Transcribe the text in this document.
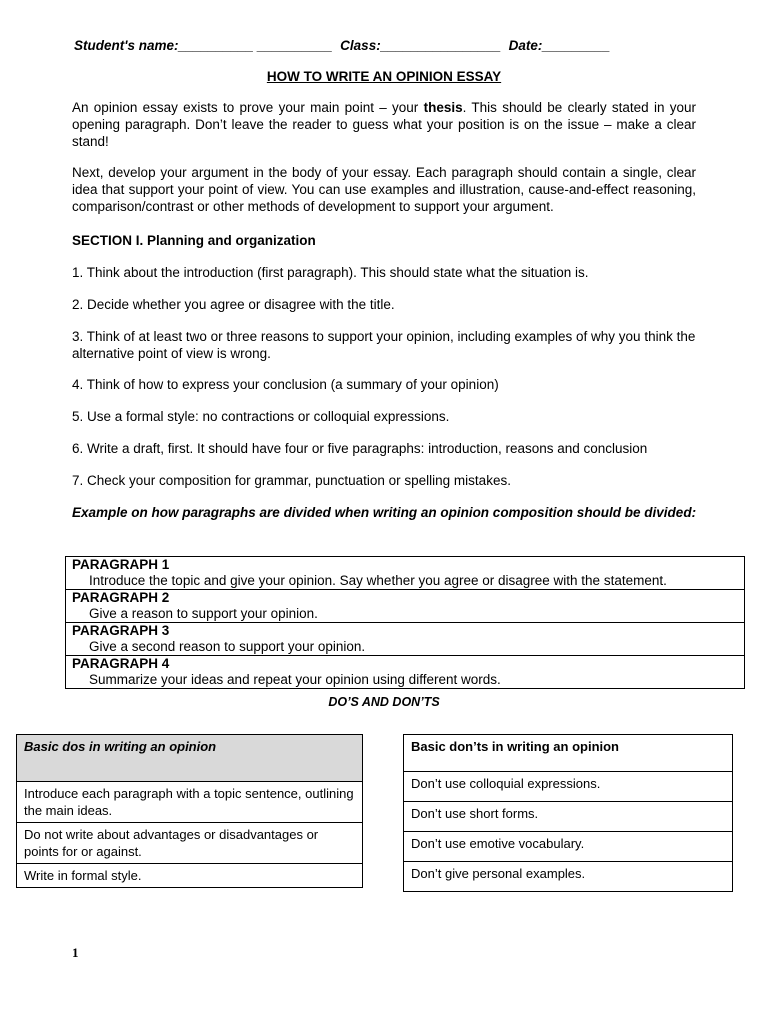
Student's name:__________ __________ Class:________________ Date:_________
HOW TO WRITE AN OPINION ESSAY
An opinion essay exists to prove your main point – your thesis. This should be clearly stated in your opening paragraph. Don’t leave the reader to guess what your position is on the issue – make a clear stand!
Next, develop your argument in the body of your essay. Each paragraph should contain a single, clear idea that support your point of view. You can use examples and illustration, cause-and-effect reasoning, comparison/contrast or other methods of development to support your argument.
SECTION I. Planning and organization
1. Think about the introduction (first paragraph). This should state what the situation is.
2. Decide whether you agree or disagree with the title.
3. Think of at least two or three reasons to support your opinion, including examples of why you think the alternative point of view is wrong.
4. Think of how to express your conclusion (a summary of your opinion)
5. Use a formal style: no contractions or colloquial expressions.
6. Write a draft, first. It should have four or five paragraphs: introduction, reasons and conclusion
7. Check your composition for grammar, punctuation or spelling mistakes.
Example on how paragraphs are divided when writing an opinion composition should be divided:
PARAGRAPH 1
Introduce the topic and give your opinion. Say whether you agree or disagree with the statement.

PARAGRAPH 2
Give a reason to support your opinion.

PARAGRAPH 3
Give a second reason to support your opinion.

PARAGRAPH 4
Summarize your ideas and repeat your opinion using different words.
DO’S AND DON’TS
Basic dos in writing an opinion
Introduce each paragraph with a topic sentence, outlining the main ideas.
Do not write about advantages or disadvantages or points for or against.
Write in formal style.
Basic don’ts in writing an opinion
Don’t use colloquial expressions.
Don’t use short forms.
Don’t use emotive vocabulary.
Don’t give personal examples.
1
